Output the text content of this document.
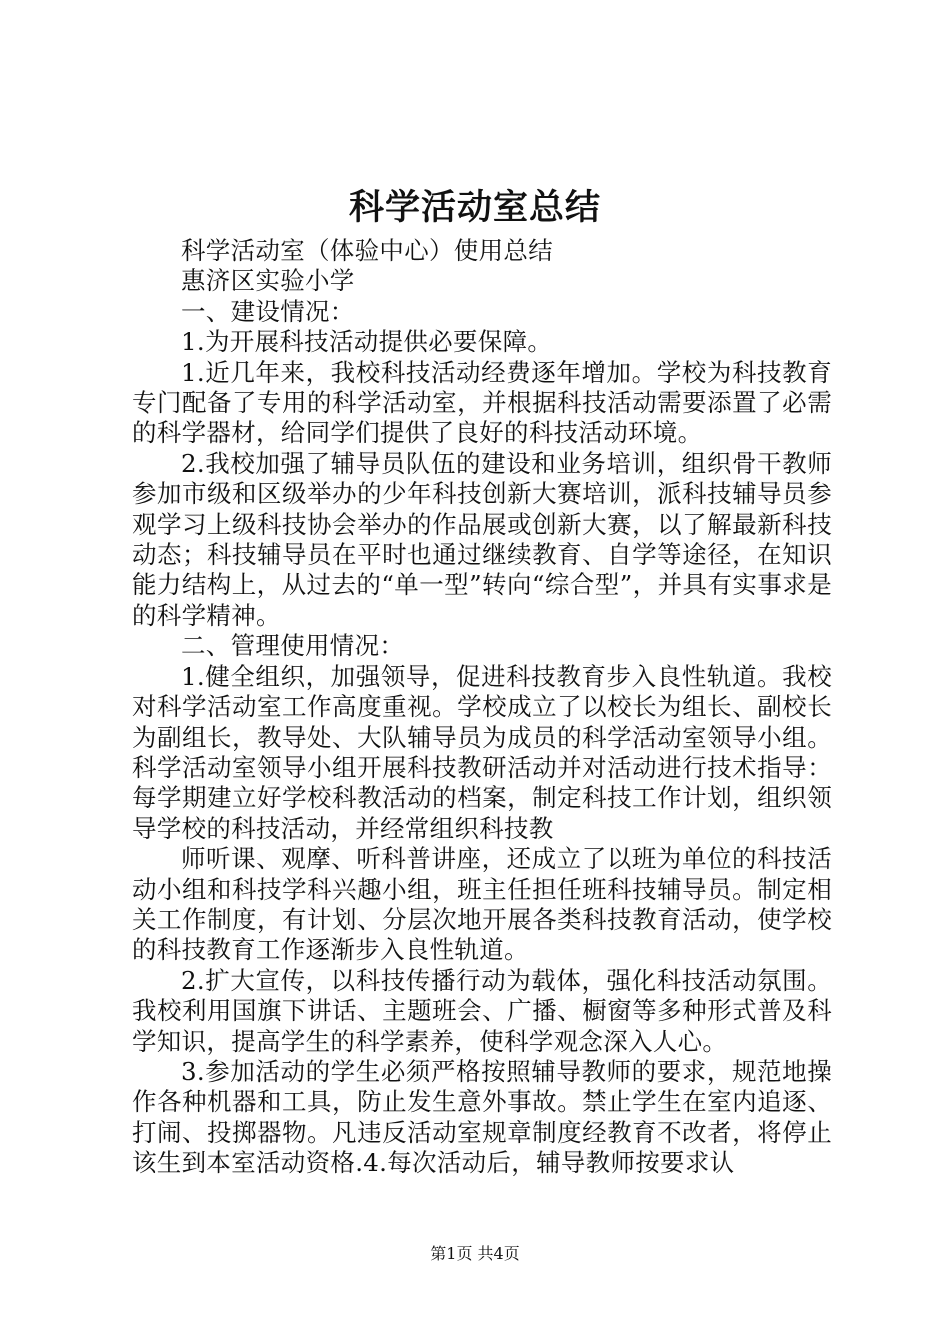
科学活动室总结

科学活动室（体验中心）使用总结

惠济区实验小学

一、建设情况：

1.为开展科技活动提供必要保障。

1.近几年来，我校科技活动经费逐年增加。学校为科技教育专门配备了专用的科学活动室，并根据科技活动需要添置了必需的科学器材，给同学们提供了良好的科技活动环境。

2.我校加强了辅导员队伍的建设和业务培训，组织骨干教师参加市级和区级举办的少年科技创新大赛培训，派科技辅导员参观学习上级科技协会举办的作品展或创新大赛，以了解最新科技动态；科技辅导员在平时也通过继续教育、自学等途径，在知识能力结构上，从过去的“单一型”转向“综合型”，并具有实事求是的科学精神。

二、管理使用情况：

1.健全组织，加强领导，促进科技教育步入良性轨道。我校对科学活动室工作高度重视。学校成立了以校长为组长、副校长为副组长，教导处、大队辅导员为成员的科学活动室领导小组。科学活动室领导小组开展科技教研活动并对活动进行技术指导：每学期建立好学校科教活动的档案，制定科技工作计划，组织领导学校的科技活动，并经常组织科技教

师听课、观摩、听科普讲座，还成立了以班为单位的科技活动小组和科技学科兴趣小组，班主任担任班科技辅导员。制定相关工作制度，有计划、分层次地开展各类科技教育活动，使学校的科技教育工作逐渐步入良性轨道。

2.扩大宣传，以科技传播行动为载体，强化科技活动氛围。我校利用国旗下讲话、主题班会、广播、橱窗等多种形式普及科学知识，提高学生的科学素养，使科学观念深入人心。

3.参加活动的学生必须严格按照辅导教师的要求，规范地操作各种机器和工具，防止发生意外事故。禁止学生在室内追逐、打闹、投掷器物。凡违反活动室规章制度经教育不改者，将停止该生到本室活动资格.4.每次活动后，辅导教师按要求认

第1页 共4页
